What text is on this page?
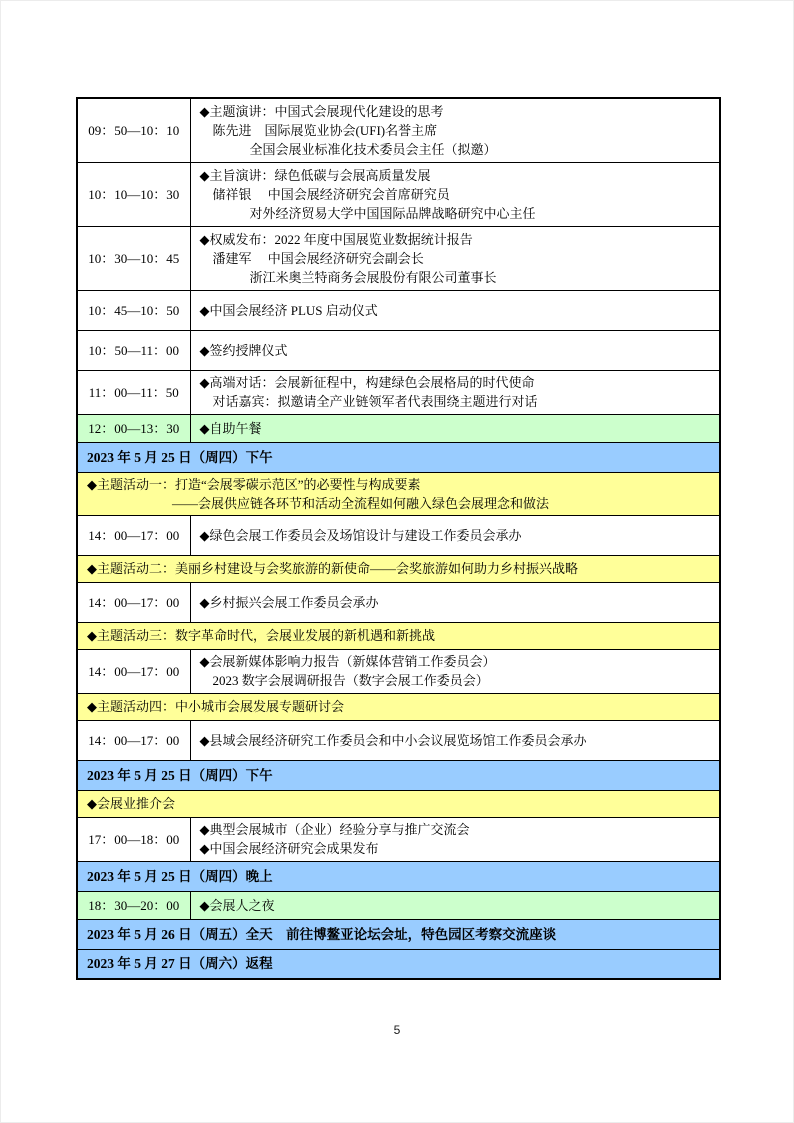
09：50—10：10	◆主题演讲：中国式会展现代化建设的思考
陈先进　国际展览业协会(UFI)名誉主席
全国会展业标准化技术委员会主任（拟邀）

10：10—10：30	◆主旨演讲：绿色低碳与会展高质量发展
储祥银　 中国会展经济研究会首席研究员
对外经济贸易大学中国国际品牌战略研究中心主任

10：30—10：45	◆权威发布：2022 年度中国展览业数据统计报告
潘建军　 中国会展经济研究会副会长
浙江米奥兰特商务会展股份有限公司董事长

10：45—10：50	◆中国会展经济 PLUS 启动仪式

10：50—11：00	◆签约授牌仪式

11：00—11：50	◆高端对话：会展新征程中，构建绿色会展格局的时代使命
对话嘉宾：拟邀请全产业链领军者代表围绕主题进行对话

12：00—13：30	◆自助午餐

2023 年 5 月 25 日（周四）下午	

◆主题活动一：打造“会展零碳示范区”的必要性与构成要素
——会展供应链各环节和活动全流程如何融入绿色会展理念和做法	

14：00—17：00	◆绿色会展工作委员会及场馆设计与建设工作委员会承办

◆主题活动二：美丽乡村建设与会奖旅游的新使命——会奖旅游如何助力乡村振兴战略	

14：00—17：00	◆乡村振兴会展工作委员会承办

◆主题活动三：数字革命时代，会展业发展的新机遇和新挑战	

14：00—17：00	◆会展新媒体影响力报告（新媒体营销工作委员会）
2023 数字会展调研报告（数字会展工作委员会）

◆主题活动四：中小城市会展发展专题研讨会	

14：00—17：00	◆县域会展经济研究工作委员会和中小会议展览场馆工作委员会承办

2023 年 5 月 25 日（周四）下午	

◆会展业推介会	

17：00—18：00	◆典型会展城市（企业）经验分享与推广交流会
◆中国会展经济研究会成果发布

2023 年 5 月 25 日（周四）晚上	

18：30—20：00	◆会展人之夜

2023 年 5 月 26 日（周五）全天　前往博鳌亚论坛会址，特色园区考察交流座谈	

2023 年 5 月 27 日（周六）返程	
5
